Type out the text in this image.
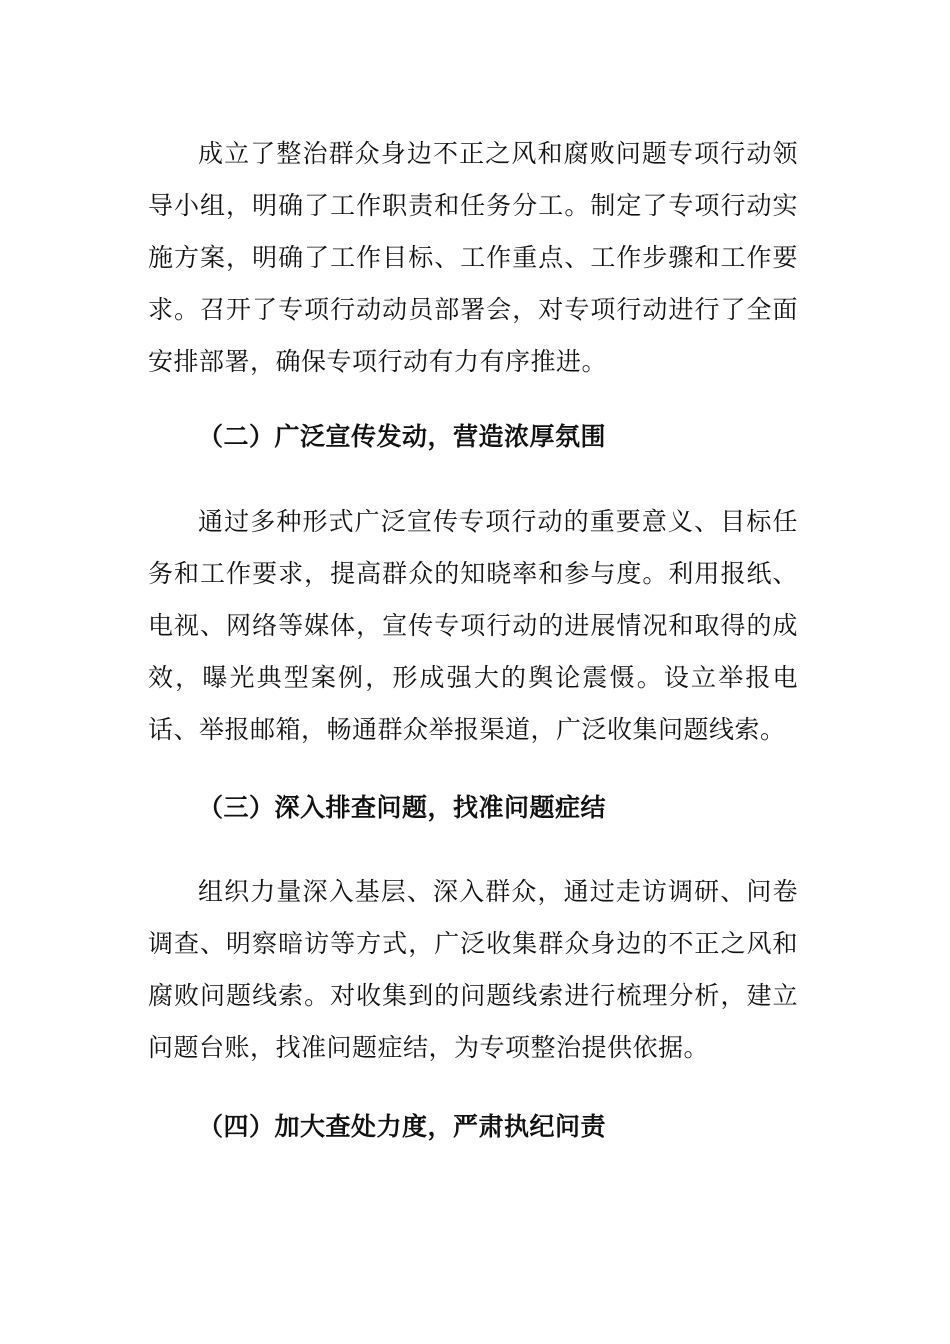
成立了整治群众身边不正之风和腐败问题专项行动领导小组，明确了工作职责和任务分工。制定了专项行动实施方案，明确了工作目标、工作重点、工作步骤和工作要求。召开了专项行动动员部署会，对专项行动进行了全面安排部署，确保专项行动有力有序推进。

（二）广泛宣传发动，营造浓厚氛围

通过多种形式广泛宣传专项行动的重要意义、目标任务和工作要求，提高群众的知晓率和参与度。利用报纸、电视、网络等媒体，宣传专项行动的进展情况和取得的成效，曝光典型案例，形成强大的舆论震慑。设立举报电话、举报邮箱，畅通群众举报渠道，广泛收集问题线索。

（三）深入排查问题，找准问题症结

组织力量深入基层、深入群众，通过走访调研、问卷调查、明察暗访等方式，广泛收集群众身边的不正之风和腐败问题线索。对收集到的问题线索进行梳理分析，建立问题台账，找准问题症结，为专项整治提供依据。

（四）加大查处力度，严肃执纪问责
